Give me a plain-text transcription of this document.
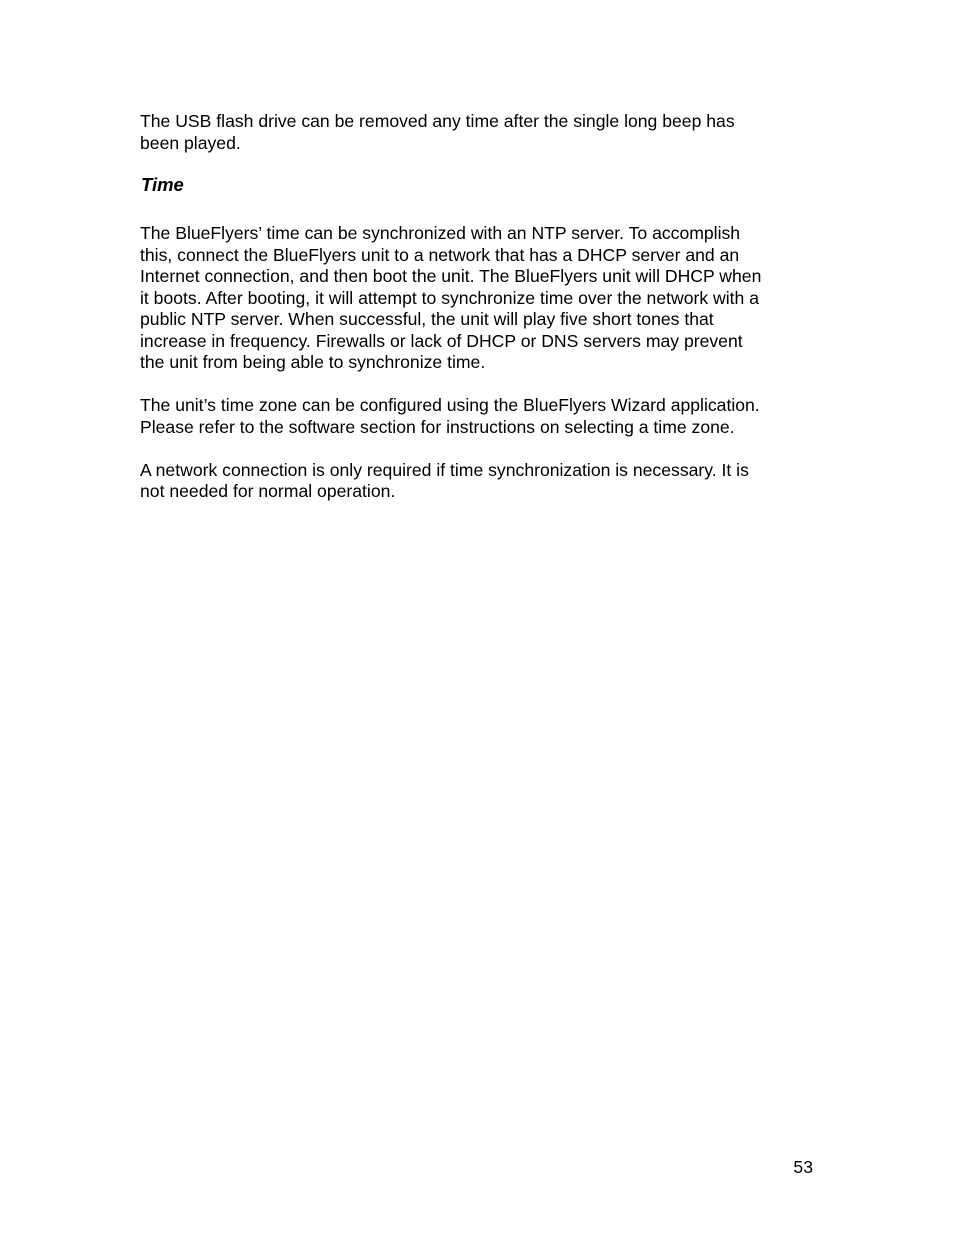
The USB flash drive can be removed any time after the single long beep has
been played.

Time

The BlueFlyers’ time can be synchronized with an NTP server. To accomplish
this, connect the BlueFlyers unit to a network that has a DHCP server and an
Internet connection, and then boot the unit. The BlueFlyers unit will DHCP when
it boots. After booting, it will attempt to synchronize time over the network with a
public NTP server. When successful, the unit will play five short tones that
increase in frequency. Firewalls or lack of DHCP or DNS servers may prevent
the unit from being able to synchronize time.

The unit’s time zone can be configured using the BlueFlyers Wizard application.
Please refer to the software section for instructions on selecting a time zone.

A network connection is only required if time synchronization is necessary. It is
not needed for normal operation.

53
